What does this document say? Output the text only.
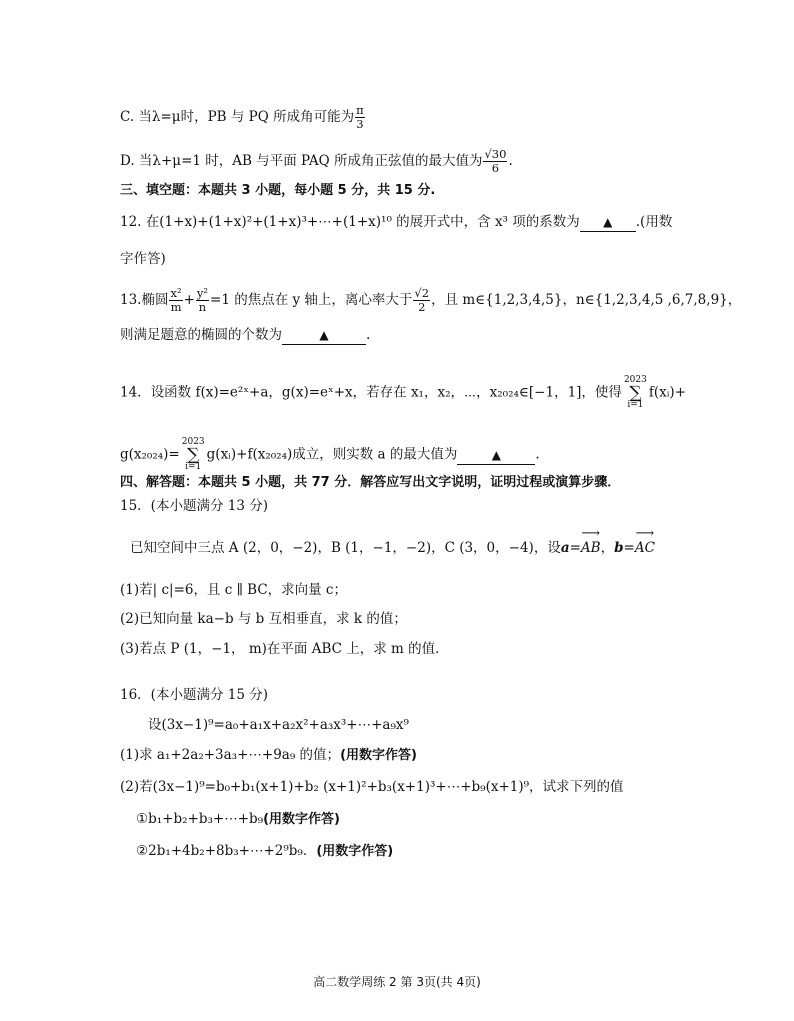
C. 当λ=μ时，PB 与 PQ 所成角可能为 $\frac{\pi}{3}$
D. 当λ+μ=1 时，AB 与平面 PAQ 所成角正弦值的最大值为 $\frac{√30}{6}$ .
三、填空题：本题共 3 小题，每小题 5 分，共 15 分.
12. 在(1+x)+(1+x)²+(1+x)³+⋯+(1+x)¹⁰ 的展开式中，含 x³ 项的系数为 ▲ .(用数
字作答)
13.椭圆 $\frac{\text{x²}}{m} + \frac{\text{y²}}{n} =1$ 的焦点在 y 轴上，离心率大于 $\frac{√2}{2}$ ，且 m∈{1,2,3,4,5}，n∈{1,2,3,4,5 ,6,7,8,9}，
则满足题意的椭圆的个数为	▲	.
14．设函数 f(x)=e²ˣ+a，g(x)=eˣ+x，若存在 x₁，x₂，⋯，x₂₀₂₄∈[−1，1]，使得2023
∑
i=1f(xᵢ)+
g(x₂₀₂₄)=2023
∑
i=1g(xᵢ)+f(x₂₀₂₄)成立，则实数 a 的最大值为	▲	.
四、解答题：本题共 5 小题，共 77 分．解答应写出文字说明，证明过程或演算步骤．
15．(本小题满分 13 分)
已知空间中三点 A (2，0，−2)，B (1，−1，−2)，C (3，0，−4)，设a=
⟶
AB，b=
⟶
AC
(1)若| c|=6，且 c ∥ BC，求向量 c；
(2)已知向量 ka−b 与 b 互相垂直，求 k 的值；
(3)若点 P (1，−1， m)在平面 ABC 上，求 m 的值．
16．(本小题满分 15 分)
设(3x−1)⁹=a₀+a₁x+a₂x²+a₃x³+⋯+a₉x⁹
(1)求 a₁+2a₂+3a₃+⋯+9a₉ 的值；(用数字作答)
(2)若(3x−1)⁹=b₀+b₁(x+1)+b₂ (x+1)²+b₃(x+1)³+⋯+b₉(x+1)⁹，试求下列的值
①b₁+b₂+b₃+⋯+b₉(用数字作答)
②2b₁+4b₂+8b₃+⋯+2⁹b₉．(用数字作答)
高二数学周练 2 第 3页(共 4页)
